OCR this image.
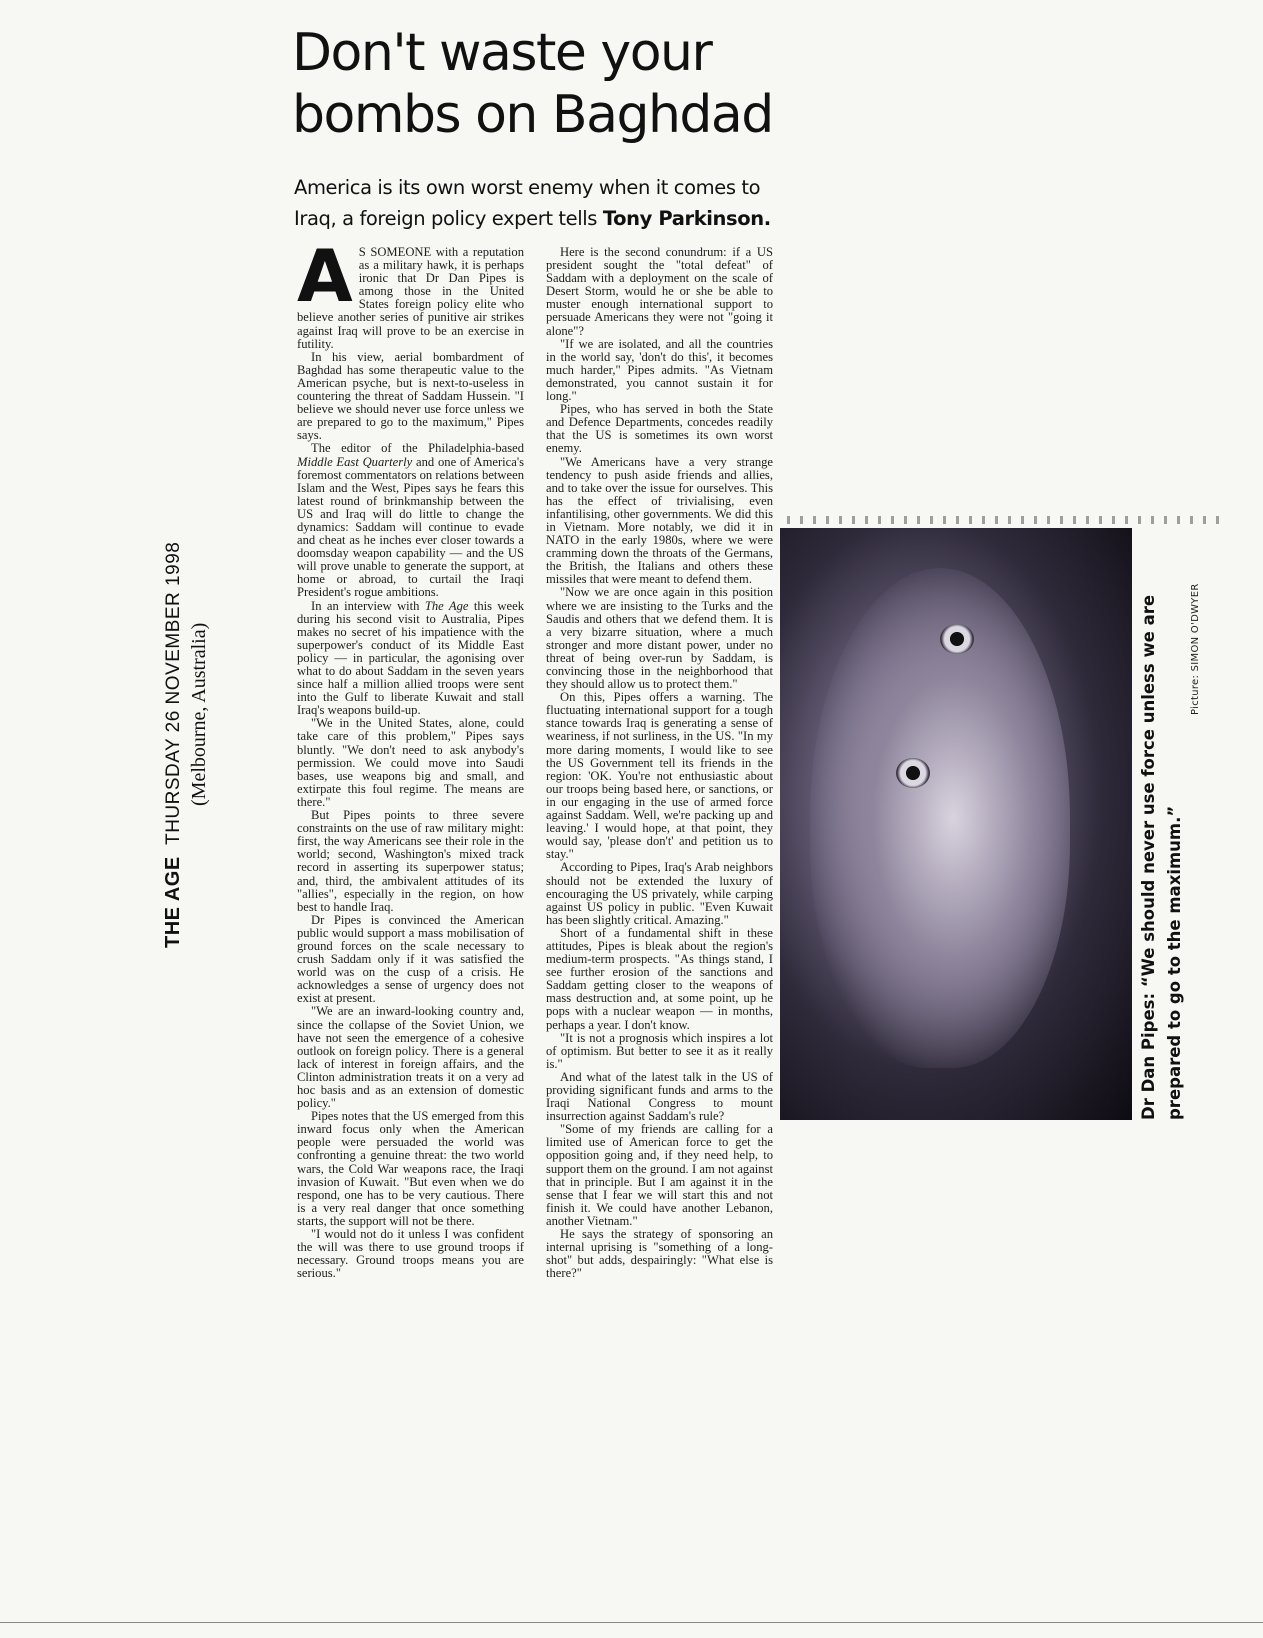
Don't waste your
bombs on Baghdad

America is its own worst enemy when it comes to Iraq, a foreign policy expert tells Tony Parkinson.

THE AGE THURSDAY 26 NOVEMBER 1998 (Melbourne, Australia)

A S SOMEONE with a reputation as a military hawk, it is perhaps ironic that Dr Dan Pipes is among those in the United States foreign policy elite who believe another series of punitive air strikes against Iraq will prove to be an exercise in futility.

In his view, aerial bombardment of Baghdad has some therapeutic value to the American psyche, but is next-to-useless in countering the threat of Saddam Hussein. "I believe we should never use force unless we are prepared to go to the maximum," Pipes says.

The editor of the Philadelphia-based Middle East Quarterly and one of America's foremost commentators on relations between Islam and the West, Pipes says he fears this latest round of brinkmanship between the US and Iraq will do little to change the dynamics: Saddam will continue to evade and cheat as he inches ever closer towards a doomsday weapon capability — and the US will prove unable to generate the support, at home or abroad, to curtail the Iraqi President's rogue ambitions.

In an interview with The Age this week during his second visit to Australia, Pipes makes no secret of his impatience with the superpower's conduct of its Middle East policy — in particular, the agonising over what to do about Saddam in the seven years since half a million allied troops were sent into the Gulf to liberate Kuwait and stall Iraq's weapons build-up.

"We in the United States, alone, could take care of this problem," Pipes says bluntly. "We don't need to ask anybody's permission. We could move into Saudi bases, use weapons big and small, and extirpate this foul regime. The means are there."

But Pipes points to three severe constraints on the use of raw military might: first, the way Americans see their role in the world; second, Washington's mixed track record in asserting its superpower status; and, third, the ambivalent attitudes of its "allies", especially in the region, on how best to handle Iraq.

Dr Pipes is convinced the American public would support a mass mobilisation of ground forces on the scale necessary to crush Saddam only if it was satisfied the world was on the cusp of a crisis. He acknowledges a sense of urgency does not exist at present.

"We are an inward-looking country and, since the collapse of the Soviet Union, we have not seen the emergence of a cohesive outlook on foreign policy. There is a general lack of interest in foreign affairs, and the Clinton administration treats it on a very ad hoc basis and as an extension of domestic policy."

Pipes notes that the US emerged from this inward focus only when the American people were persuaded the world was confronting a genuine threat: the two world wars, the Cold War weapons race, the Iraqi invasion of Kuwait. "But even when we do respond, one has to be very cautious. There is a very real danger that once something starts, the support will not be there.

"I would not do it unless I was confident the will was there to use ground troops if necessary. Ground troops means you are serious."

Here is the second conundrum: if a US president sought the "total defeat" of Saddam with a deployment on the scale of Desert Storm, would he or she be able to muster enough international support to persuade Americans they were not "going it alone"?

"If we are isolated, and all the countries in the world say, 'don't do this', it becomes much harder," Pipes admits. "As Vietnam demonstrated, you cannot sustain it for long."

Pipes, who has served in both the State and Defence Departments, concedes readily that the US is sometimes its own worst enemy.

"We Americans have a very strange tendency to push aside friends and allies, and to take over the issue for ourselves. This has the effect of trivialising, even infantilising, other governments. We did this in Vietnam. More notably, we did it in NATO in the early 1980s, where we were cramming down the throats of the Germans, the British, the Italians and others these missiles that were meant to defend them.

"Now we are once again in this position where we are insisting to the Turks and the Saudis and others that we defend them. It is a very bizarre situation, where a much stronger and more distant power, under no threat of being over-run by Saddam, is convincing those in the neighborhood that they should allow us to protect them."

On this, Pipes offers a warning. The fluctuating international support for a tough stance towards Iraq is generating a sense of weariness, if not surliness, in the US. "In my more daring moments, I would like to see the US Government tell its friends in the region: 'OK. You're not enthusiastic about our troops being based here, or sanctions, or in our engaging in the use of armed force against Saddam. Well, we're packing up and leaving.' I would hope, at that point, they would say, 'please don't' and petition us to stay."

According to Pipes, Iraq's Arab neighbors should not be extended the luxury of encouraging the US privately, while carping against US policy in public. "Even Kuwait has been slightly critical. Amazing."

Short of a fundamental shift in these attitudes, Pipes is bleak about the region's medium-term prospects. "As things stand, I see further erosion of the sanctions and Saddam getting closer to the weapons of mass destruction and, at some point, up he pops with a nuclear weapon — in months, perhaps a year. I don't know.

"It is not a prognosis which inspires a lot of optimism. But better to see it as it really is."

And what of the latest talk in the US of providing significant funds and arms to the Iraqi National Congress to mount insurrection against Saddam's rule?

"Some of my friends are calling for a limited use of American force to get the opposition going and, if they need help, to support them on the ground. I am not against that in principle. But I am against it in the sense that I fear we will start this and not finish it. We could have another Lebanon, another Vietnam."

He says the strategy of sponsoring an internal uprising is "something of a long-shot" but adds, despairingly: "What else is there?"

Dr Dan Pipes: “We should never use force unless we are prepared to go to the maximum.”
Picture: SIMON O'DWYER
